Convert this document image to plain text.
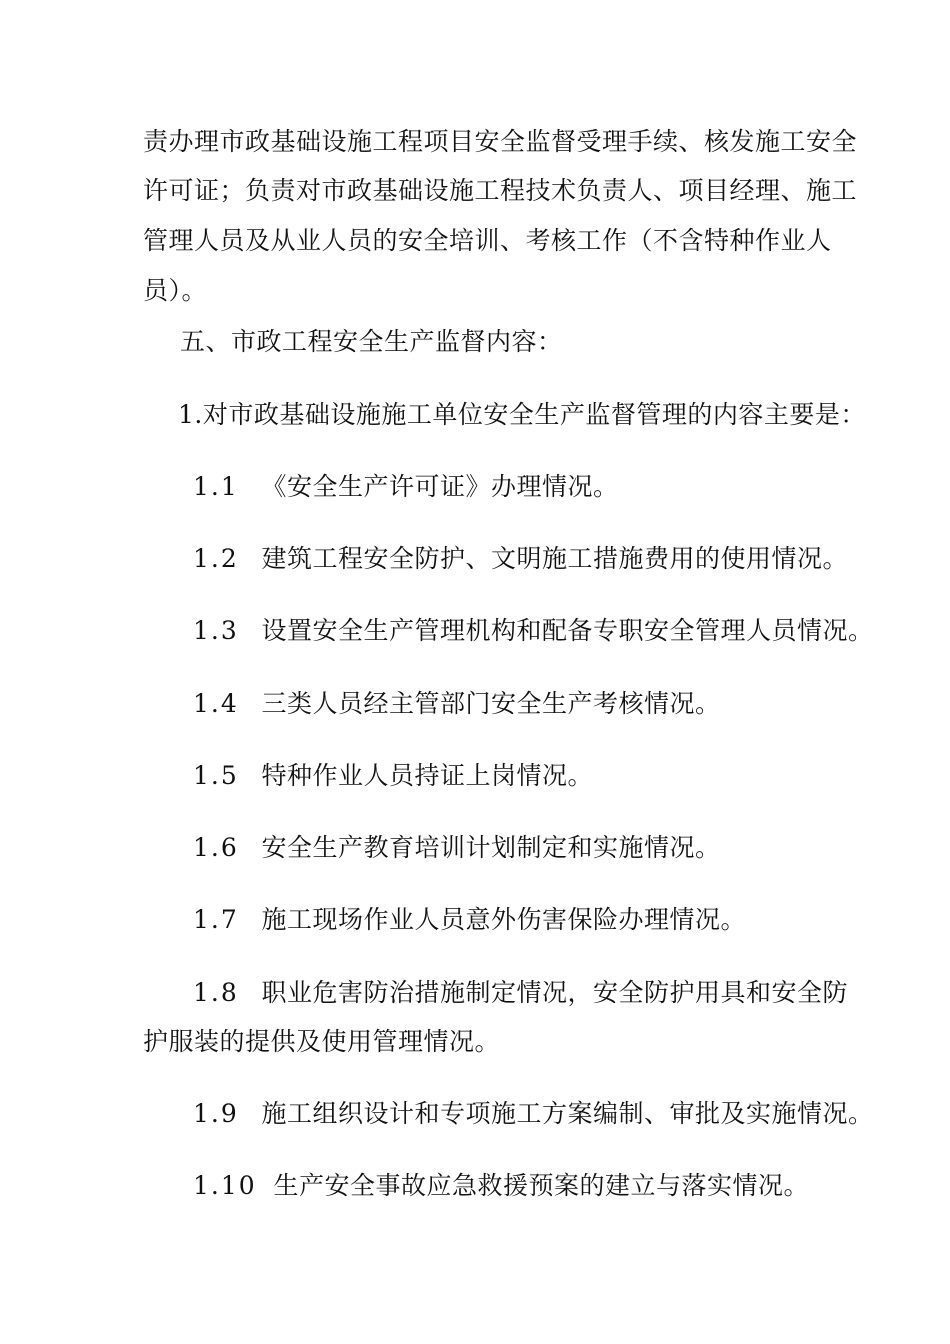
责办理市政基础设施工程项目安全监督受理手续、核发施工安全
许可证；负责对市政基础设施工程技术负责人、项目经理、施工
管理人员及从业人员的安全培训、考核工作（不含特种作业人
员）。
五、市政工程安全生产监督内容：
1.对市政基础设施施工单位安全生产监督管理的内容主要是：
1.1 《安全生产许可证》办理情况。
1.2 建筑工程安全防护、文明施工措施费用的使用情况。
1.3 设置安全生产管理机构和配备专职安全管理人员情况。
1.4 三类人员经主管部门安全生产考核情况。
1.5 特种作业人员持证上岗情况。
1.6 安全生产教育培训计划制定和实施情况。
1.7 施工现场作业人员意外伤害保险办理情况。
1.8 职业危害防治措施制定情况，安全防护用具和安全防
护服装的提供及使用管理情况。
1.9 施工组织设计和专项施工方案编制、审批及实施情况。
1.10 生产安全事故应急救援预案的建立与落实情况。
